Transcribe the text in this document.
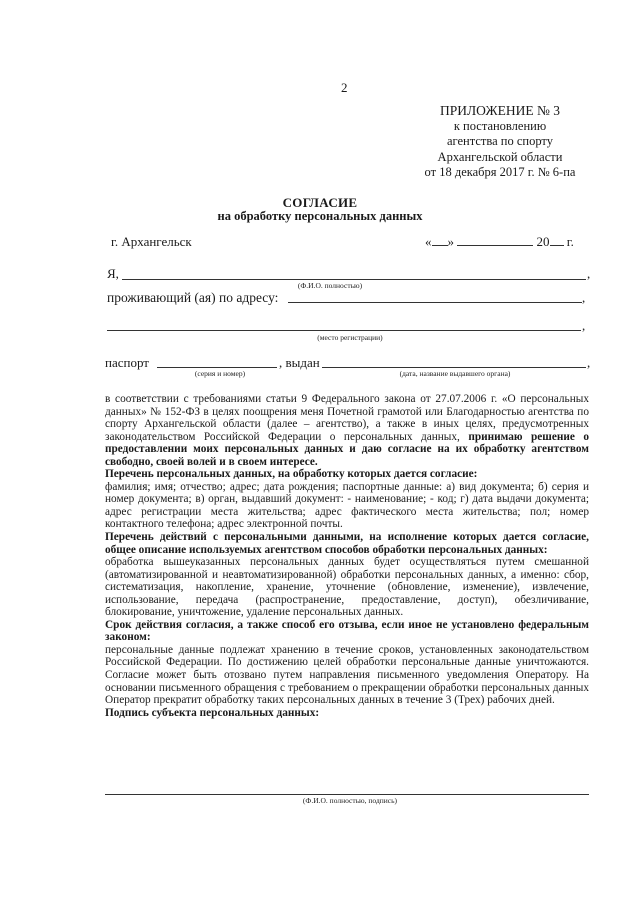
2
ПРИЛОЖЕНИЕ № 3
к постановлению
агентства по спорту
Архангельской области
от 18 декабря 2017 г. № 6-па
СОГЛАСИЕ
на обработку персональных данных
г. Архангельск	« »	20 г.
Я,	,
(Ф.И.О. полностью)
проживающий (ая) по адресу:	,
,
(место регистрации)
паспорт	, выдан	,
(серия и номер)	(дата, название выдавшего органа)

в соответствии с требованиями статьи 9 Федерального закона от 27.07.2006 г. «О персональных данных» № 152-ФЗ в целях поощрения меня Почетной грамотой или Благодарностью агентства по спорту Архангельской области (далее – агентство), а также в иных целях, предусмотренных законодательством Российской Федерации о персональных данных, принимаю решение о предоставлении моих персональных данных и даю согласие на их обработку агентством свободно, своей волей и в своем интересе.

Перечень персональных данных, на обработку которых дается согласие:

фамилия; имя; отчество; адрес; дата рождения; паспортные данные: а) вид документа; б) серия и номер документа; в) орган, выдавший документ: - наименование; - код; г) дата выдачи документа; адрес регистрации места жительства; адрес фактического места жительства; пол; номер контактного телефона; адрес электронной почты.

Перечень действий с персональными данными, на исполнение которых дается согласие, общее описание используемых агентством способов обработки персональных данных:

обработка вышеуказанных персональных данных будет осуществляться путем смешанной (автоматизированной и неавтоматизированной) обработки персональных данных, а именно: сбор, систематизация, накопление, хранение, уточнение (обновление, изменение), извлечение, использование, передача (распространение, предоставление, доступ), обезличивание, блокирование, уничтожение, удаление персональных данных.

Срок действия согласия, а также способ его отзыва, если иное не установлено федеральным законом:

персональные данные подлежат хранению в течение сроков, установленных законодательством Российской Федерации. По достижению целей обработки персональные данные уничтожаются. Согласие может быть отозвано путем направления письменного уведомления Оператору. На основании письменного обращения с требованием о прекращении обработки персональных данных Оператор прекратит обработку таких персональных данных в течение 3 (Трех) рабочих дней.

Подпись субъекта персональных данных:

(Ф.И.О. полностью, подпись)
